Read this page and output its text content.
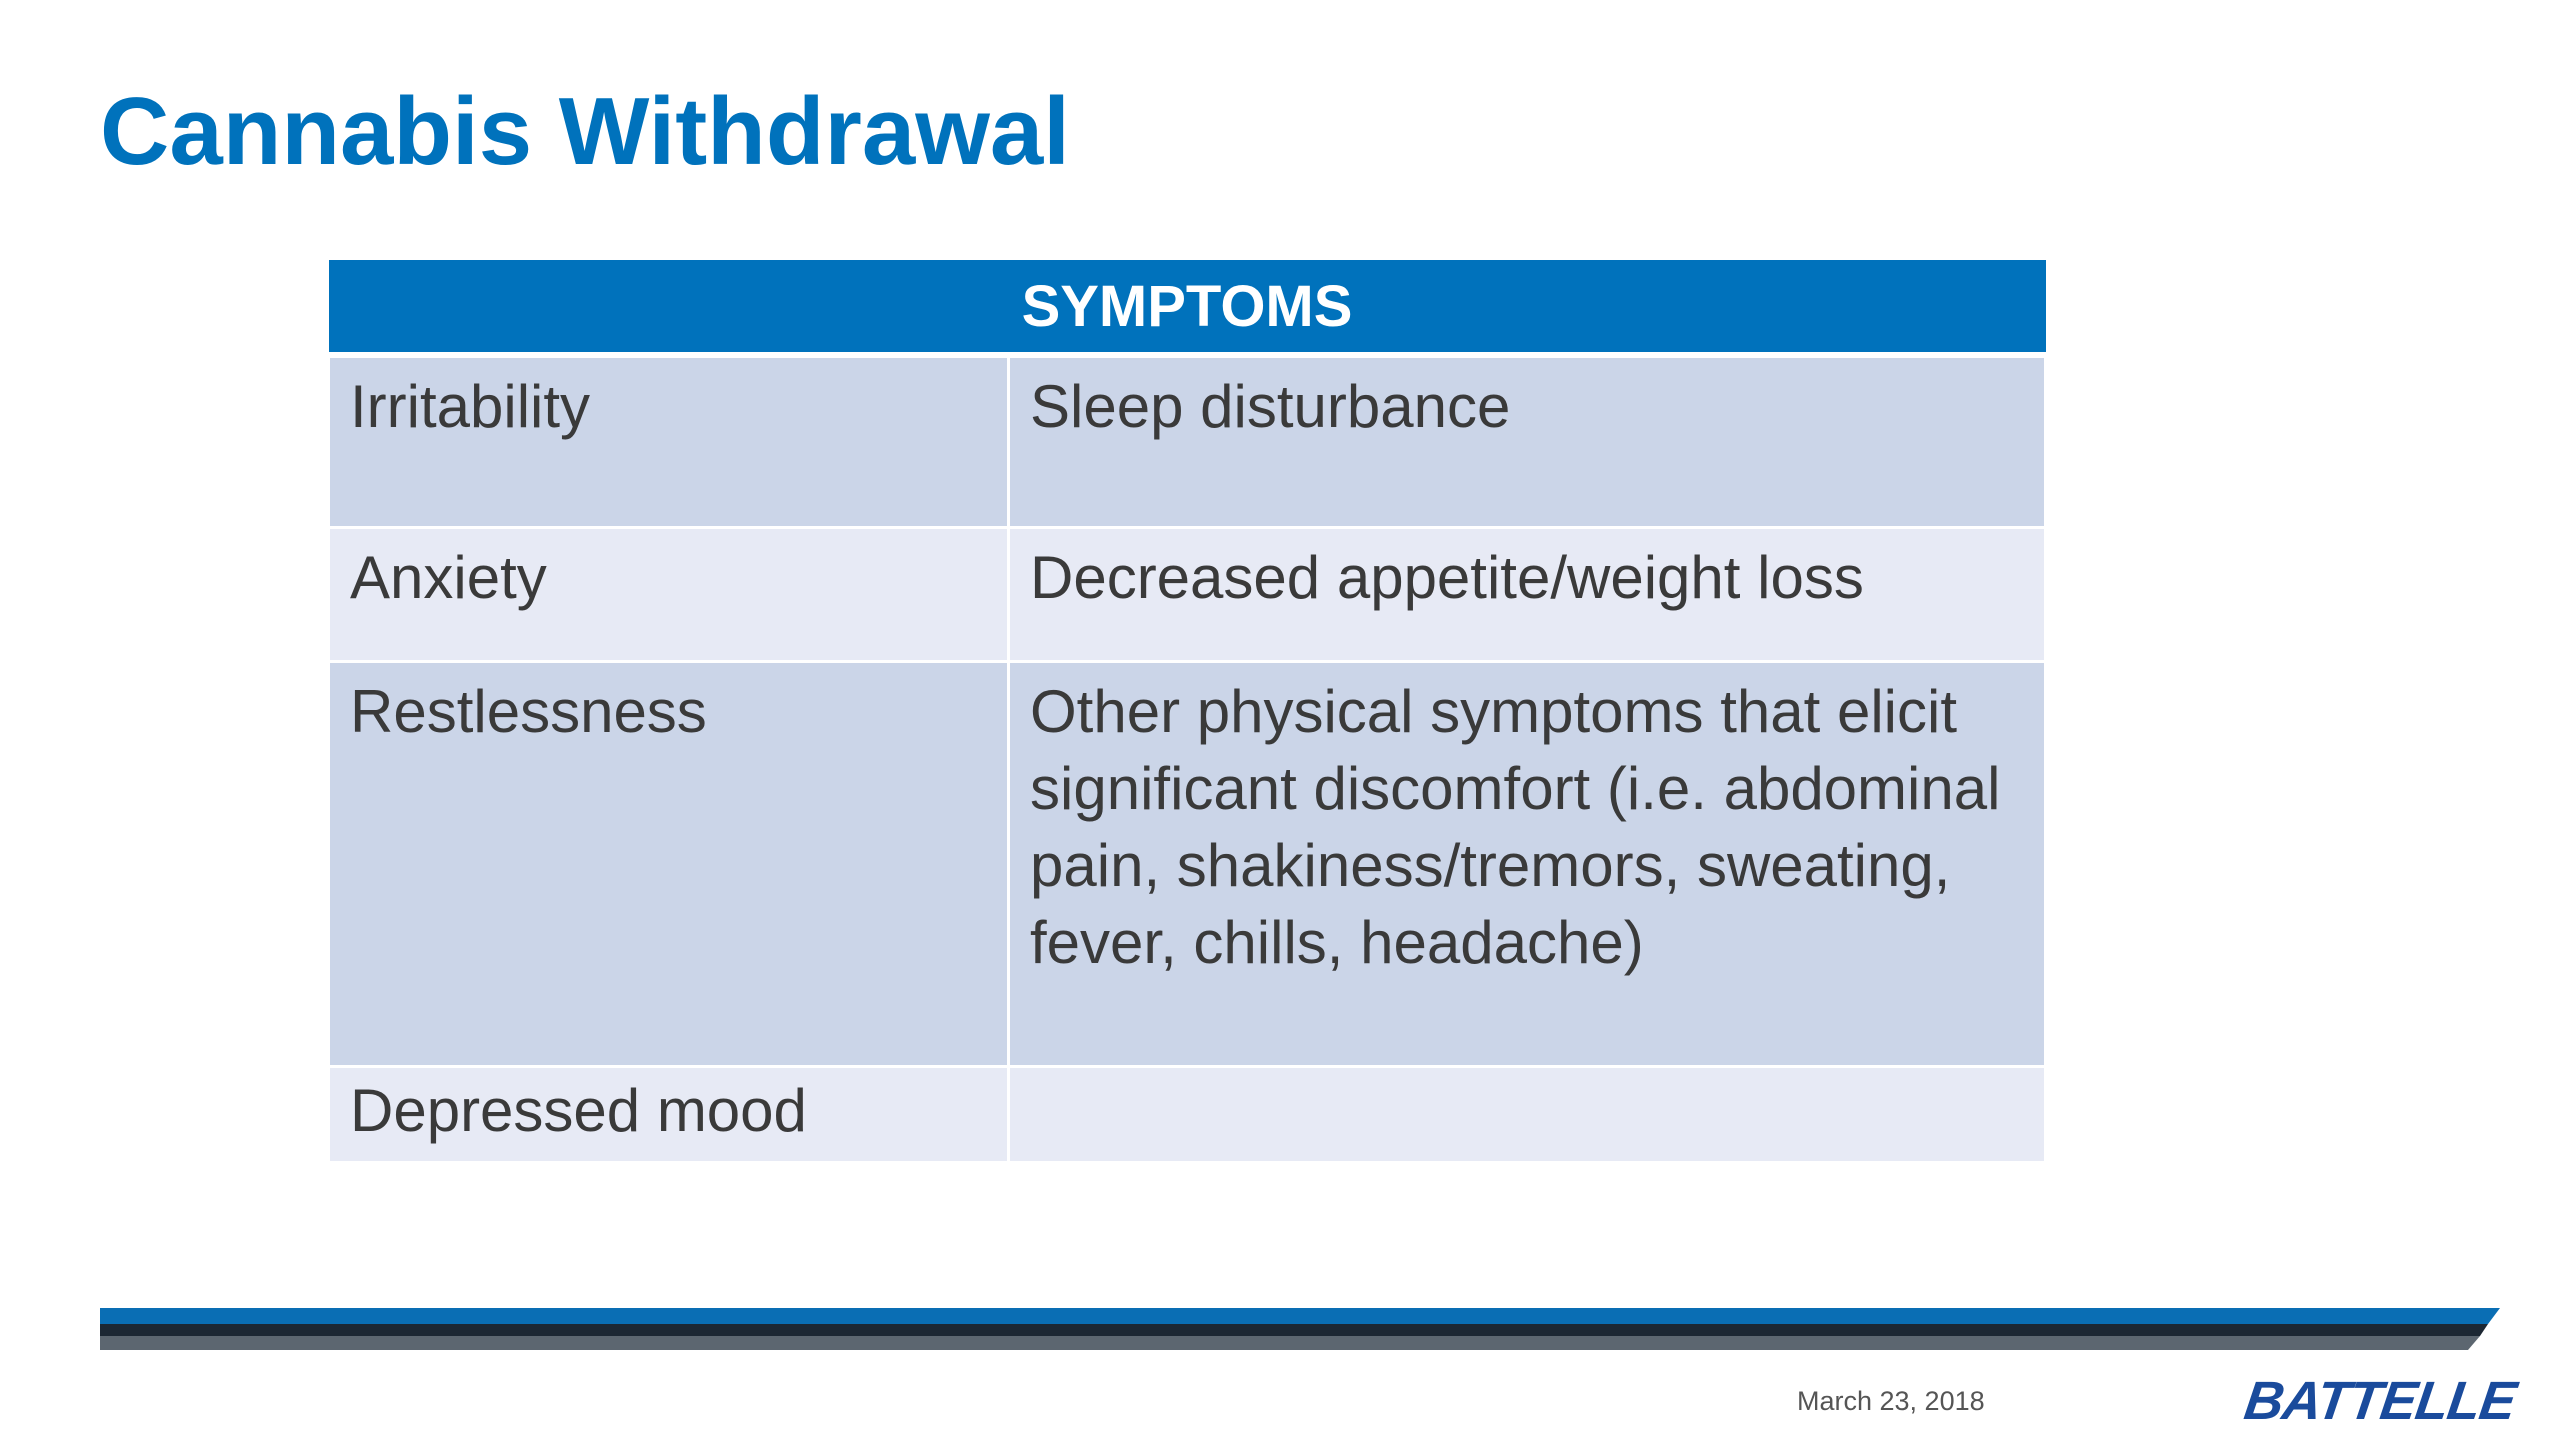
Cannabis Withdrawal
SYMPTOMS	
Irritability	Sleep disturbance
Anxiety	Decreased appetite/weight loss
Restlessness	Other physical symptoms that elicit significant discomfort (i.e. abdominal pain, shakiness/tremors, sweating, fever, chills, headache)
Depressed mood	
March 23, 2018	BATTELLE
